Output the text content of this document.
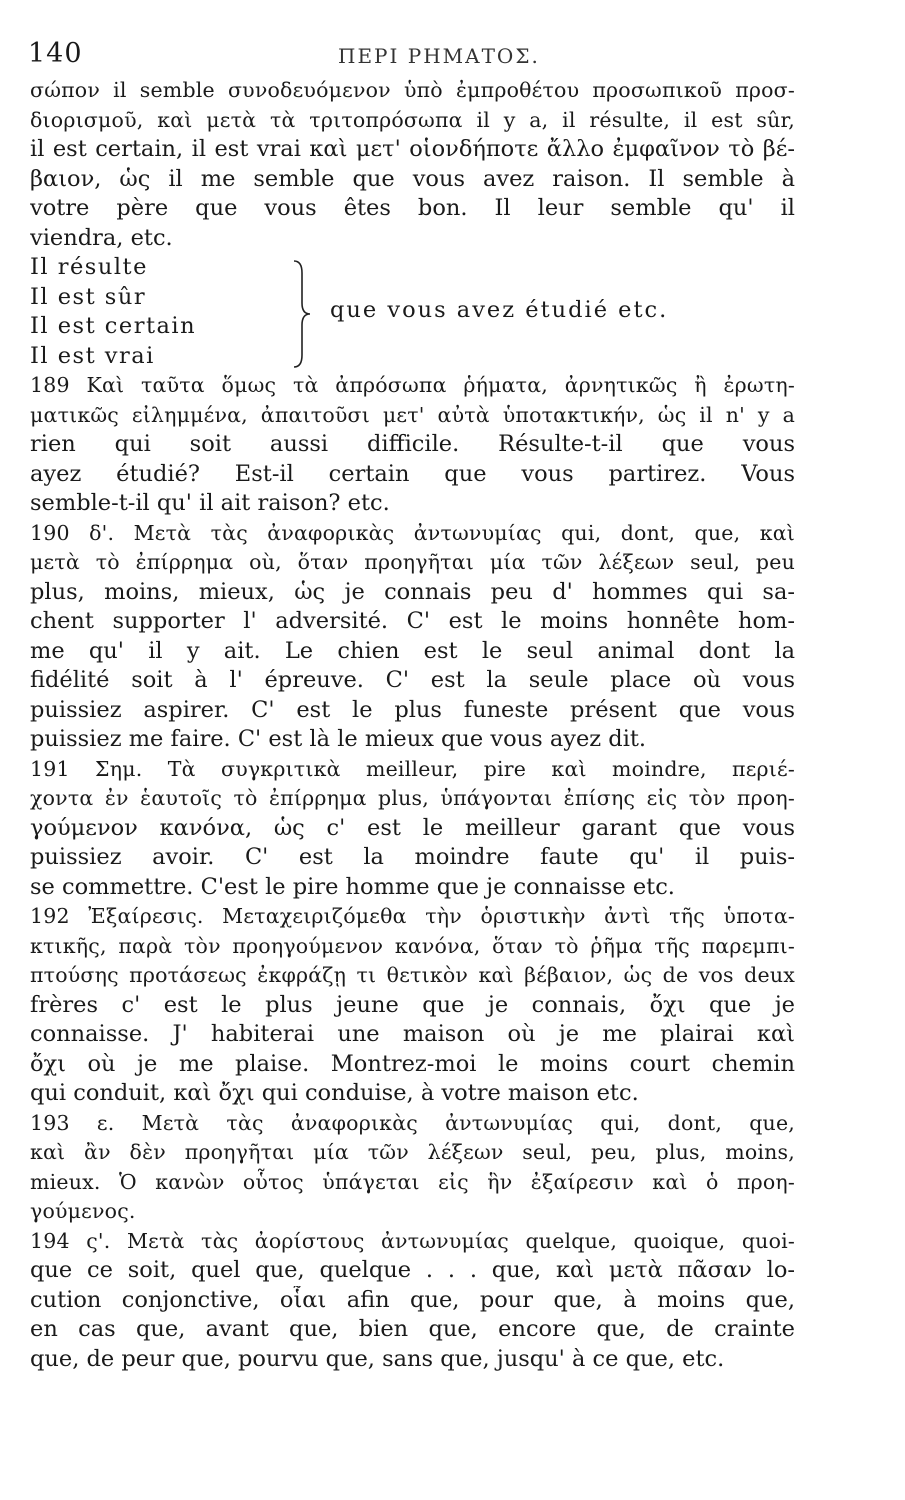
140	ΠΕΡΙ ΡΗΜΑΤΟΣ.
σώπον il semble συνοδευόμενον ὑπὸ ἐμπροθέτου προσωπικοῦ προσ-
διορισμοῦ, καὶ μετὰ τὰ τριτοπρόσωπα il y a, il résulte, il est sûr,
il est certain, il est vrai καὶ μετ' οἱονδήποτε ἄλλο ἐμφαῖνον τὸ βέ-
βαιον, ὡς il me semble que vous avez raison. Il semble à
votre père que vous êtes bon. Il leur semble qu' il
viendra, etc.
Il résulte
Il est sûr
Il est certain
Il est vrai
que vous avez étudié etc.
189 Καὶ ταῦτα ὅμως τὰ ἀπρόσωπα ῥήματα, ἀρνητικῶς ἢ ἐρωτη-
ματικῶς εἰλημμένα, ἀπαιτοῦσι μετ' αὐτὰ ὑποτακτικήν, ὡς il n' y a
rien qui soit aussi difficile. Résulte-t-il que vous
ayez étudié? Est-il certain que vous partirez. Vous
semble-t-il qu' il ait raison? etc.
190 δ'. Μετὰ τὰς ἀναφορικὰς ἀντωνυμίας qui, dont, que, καὶ
μετὰ τὸ ἐπίρρημα où, ὅταν προηγῆται μία τῶν λέξεων seul, peu
plus, moins, mieux, ὡς je connais peu d' hommes qui sa-
chent supporter l' adversité. C' est le moins honnête hom-
me qu' il y ait. Le chien est le seul animal dont la
fidélité soit à l' épreuve. C' est la seule place où vous
puissiez aspirer. C' est le plus funeste présent que vous
puissiez me faire. C' est là le mieux que vous ayez dit.
191 Σημ. Τὰ συγκριτικὰ meilleur, pire καὶ moindre, περιέ-
χοντα ἐν ἑαυτοῖς τὸ ἐπίρρημα plus, ὑπάγονται ἐπίσης εἰς τὸν προη-
γούμενον κανόνα, ὡς c' est le meilleur garant que vous
puissiez avoir. C' est la moindre faute qu' il puis-
se commettre. C'est le pire homme que je connaisse etc.
192 Ἐξαίρεσις. Μεταχειριζόμεθα τὴν ὁριστικὴν ἀντὶ τῆς ὑποτα-
κτικῆς, παρὰ τὸν προηγούμενον κανόνα, ὅταν τὸ ῥῆμα τῆς παρεμπι-
πτούσης προτάσεως ἐκφράζῃ τι θετικὸν καὶ βέβαιον, ὡς de vos deux
frères c' est le plus jeune que je connais, ὄχι que je
connaisse. J' habiterai une maison où je me plairai καὶ
ὄχι où je me plaise. Montrez-moi le moins court chemin
qui conduit, καὶ ὄχι qui conduise, à votre maison etc.
193 ε. Μετὰ τὰς ἀναφορικὰς ἀντωνυμίας qui, dont, que,
καὶ ἂν δὲν προηγῆται μία τῶν λέξεων seul, peu, plus, moins,
mieux. Ὁ κανὼν οὗτος ὑπάγεται εἰς ἣν ἐξαίρεσιν καὶ ὁ προη-
γούμενος.
194 ς'. Μετὰ τὰς ἀορίστους ἀντωνυμίας quelque, quoique, quoi-
que ce soit, quel que, quelque . . . que, καὶ μετὰ πᾶσαν lo-
cution conjonctive, οἷαι afin que, pour que, à moins que,
en cas que, avant que, bien que, encore que, de crainte
que, de peur que, pourvu que, sans que, jusqu' à ce que, etc.
